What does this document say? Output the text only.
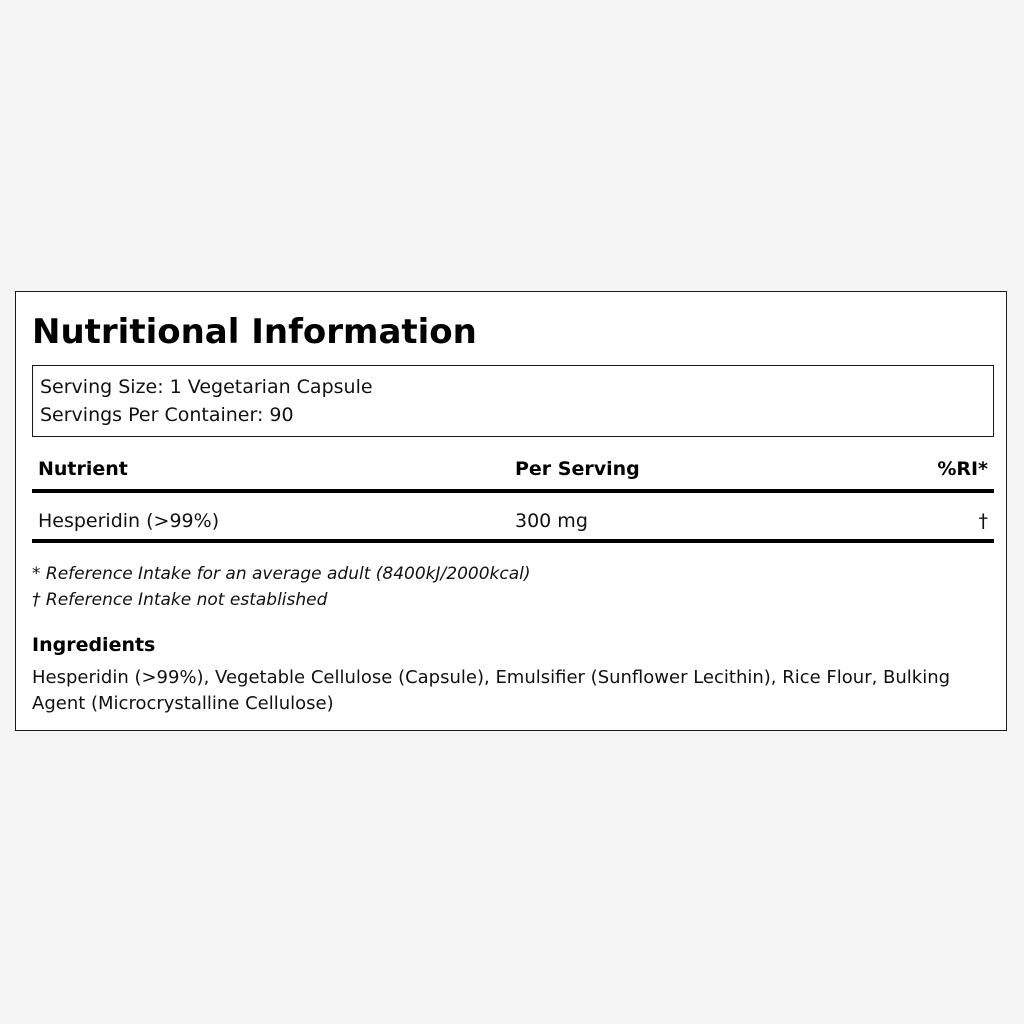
Nutritional Information
Serving Size: 1 Vegetarian Capsule
Servings Per Container: 90
Nutrient	Per Serving	%RI*
Hesperidin (>99%)	300 mg	†
* Reference Intake for an average adult (8400kJ/2000kcal)
† Reference Intake not established
Ingredients

Hesperidin (>99%), Vegetable Cellulose (Capsule), Emulsifier (Sunflower Lecithin), Rice Flour, Bulking Agent (Microcrystalline Cellulose)
